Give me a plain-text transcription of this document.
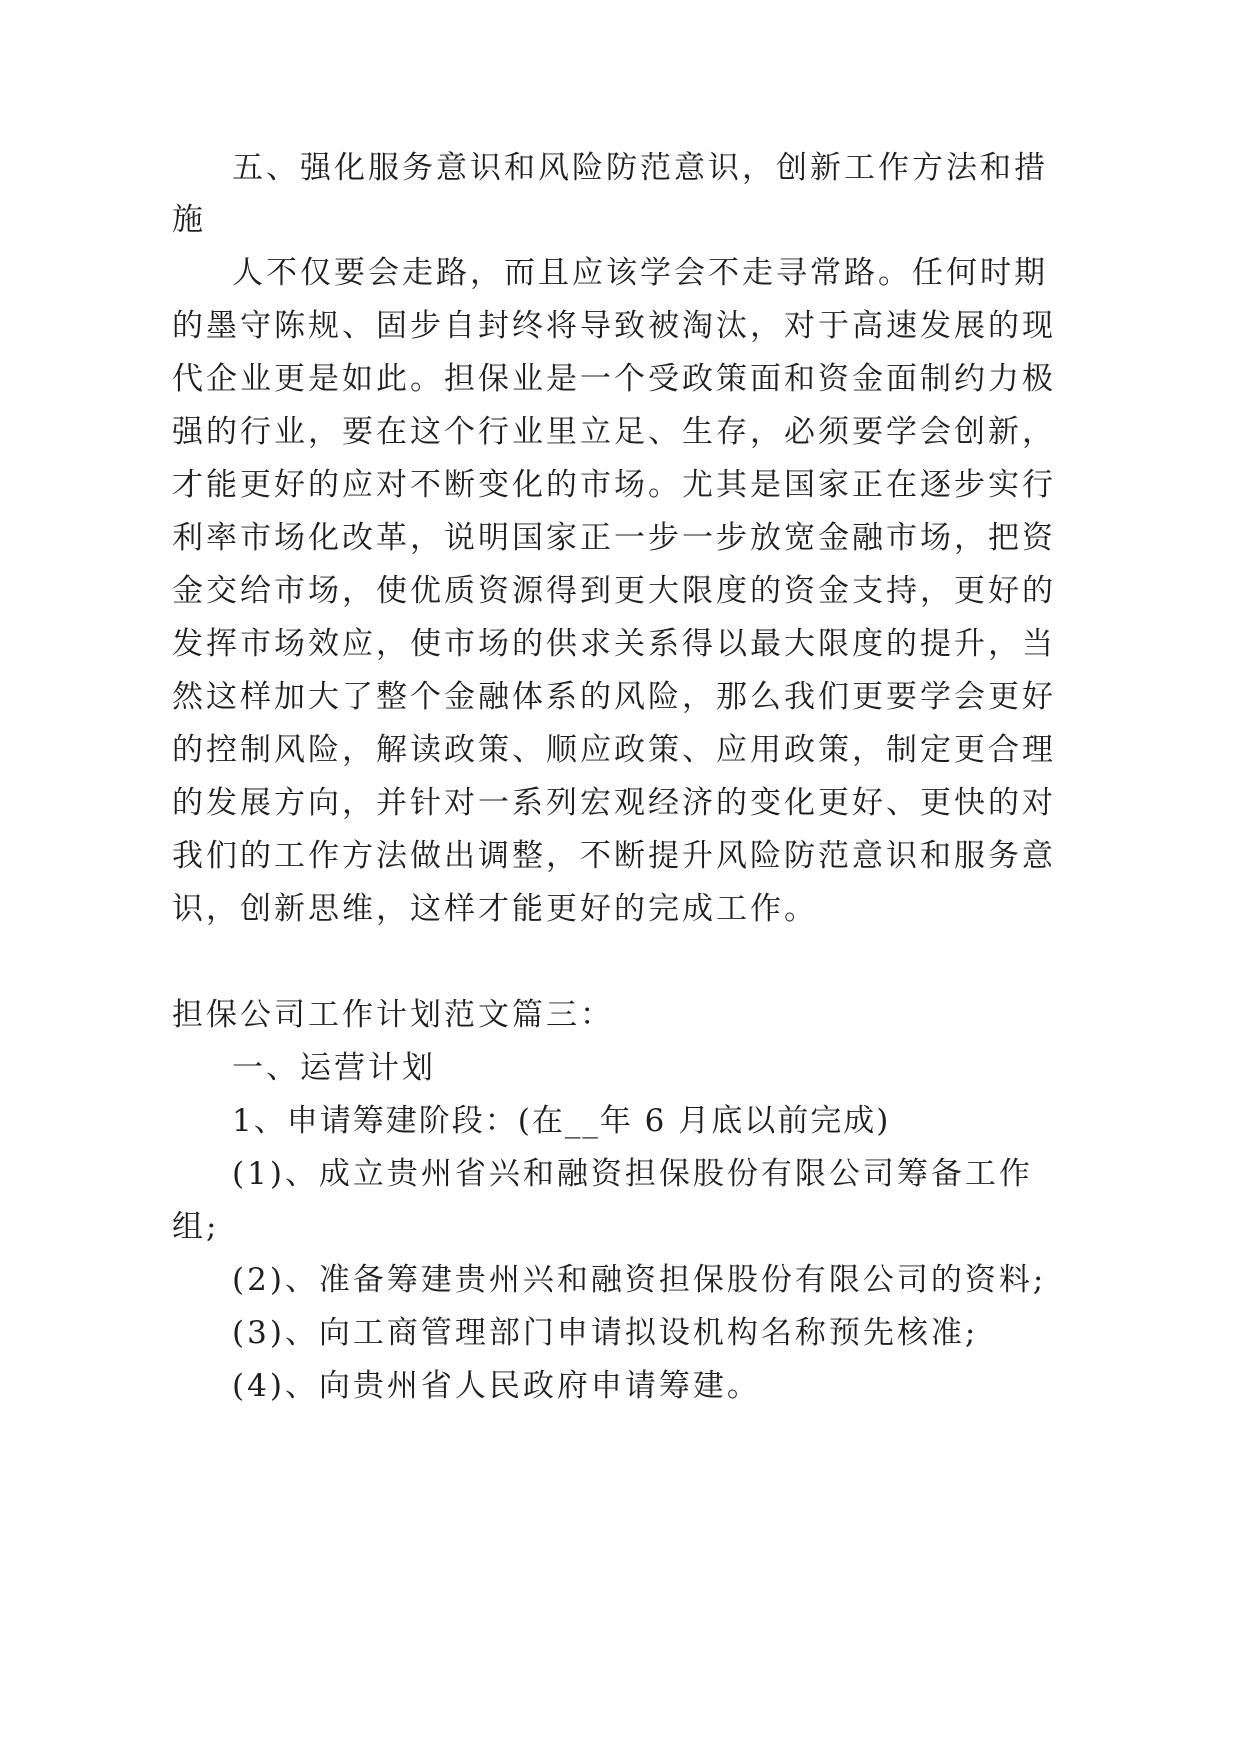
五、强化服务意识和风险防范意识，创新工作方法和措

施

人不仅要会走路，而且应该学会不走寻常路。任何时期

的墨守陈规、固步自封终将导致被淘汰，对于高速发展的现

代企业更是如此。担保业是一个受政策面和资金面制约力极

强的行业，要在这个行业里立足、生存，必须要学会创新，

才能更好的应对不断变化的市场。尤其是国家正在逐步实行

利率市场化改革，说明国家正一步一步放宽金融市场，把资

金交给市场，使优质资源得到更大限度的资金支持，更好的

发挥市场效应，使市场的供求关系得以最大限度的提升，当

然这样加大了整个金融体系的风险，那么我们更要学会更好

的控制风险，解读政策、顺应政策、应用政策，制定更合理

的发展方向，并针对一系列宏观经济的变化更好、更快的对

我们的工作方法做出调整，不断提升风险防范意识和服务意

识，创新思维，这样才能更好的完成工作。

担保公司工作计划范文篇三：

一、运营计划

1、申请筹建阶段：(在__年 6 月底以前完成)

(1)、成立贵州省兴和融资担保股份有限公司筹备工作

组;

(2)、准备筹建贵州兴和融资担保股份有限公司的资料;

(3)、向工商管理部门申请拟设机构名称预先核准;

(4)、向贵州省人民政府申请筹建。
